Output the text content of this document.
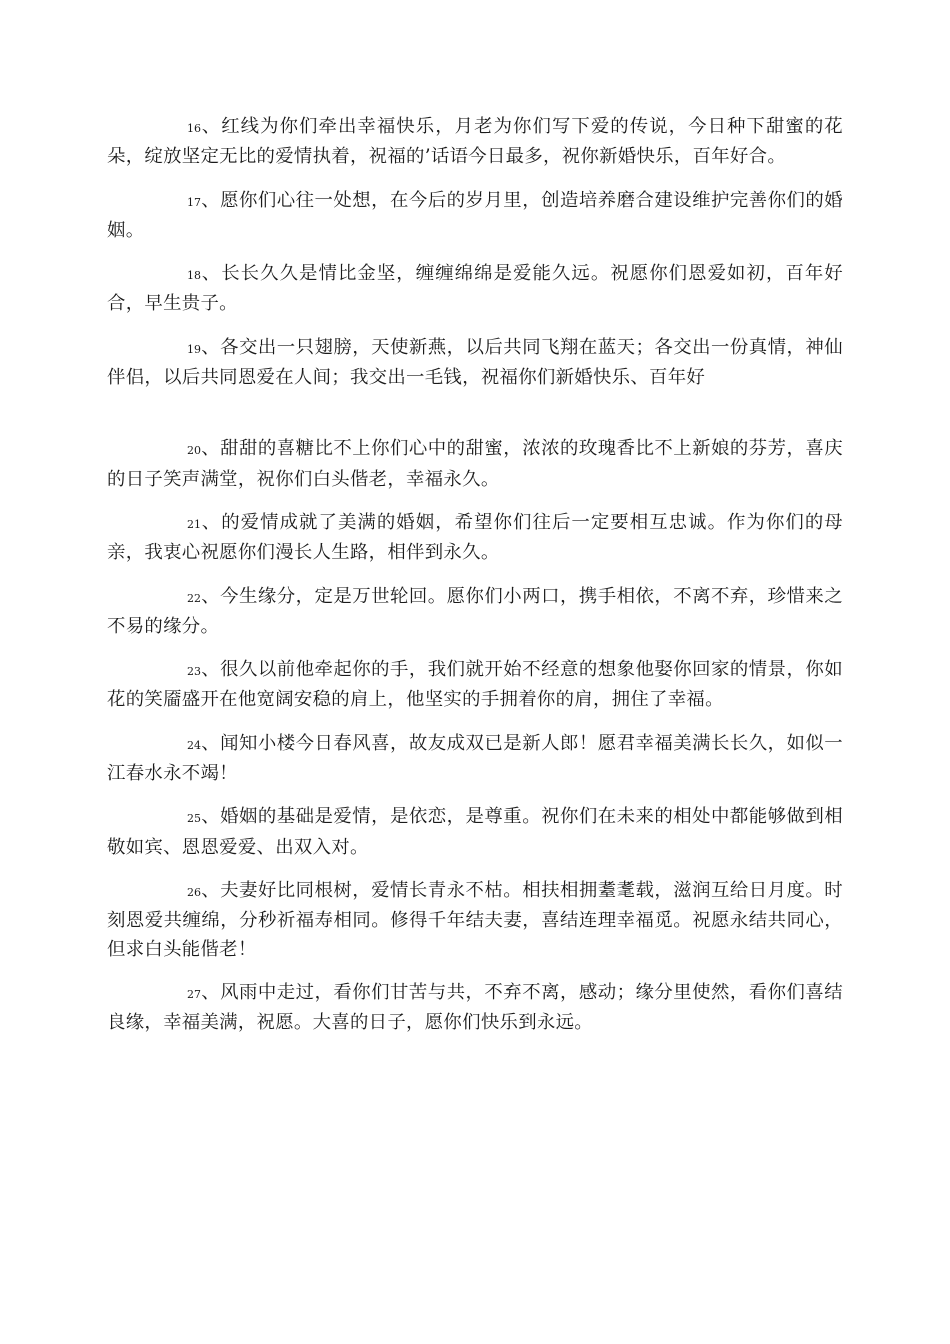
16、红线为你们牵出幸福快乐，月老为你们写下爱的传说，今日种下甜蜜的花朵，绽放坚定无比的爱情执着，祝福的’话语今日最多，祝你新婚快乐，百年好合。

17、愿你们心往一处想，在今后的岁月里，创造培养磨合建设维护完善你们的婚姻。

18、长长久久是情比金坚，缠缠绵绵是爱能久远。祝愿你们恩爱如初，百年好合，早生贵子。

19、各交出一只翅膀，天使新燕，以后共同飞翔在蓝天；各交出一份真情，神仙伴侣，以后共同恩爱在人间；我交出一毛钱，祝福你们新婚快乐、百年好

20、甜甜的喜糖比不上你们心中的甜蜜，浓浓的玫瑰香比不上新娘的芬芳，喜庆的日子笑声满堂，祝你们白头偕老，幸福永久。

21、的爱情成就了美满的婚姻，希望你们往后一定要相互忠诚。作为你们的母亲，我衷心祝愿你们漫长人生路，相伴到永久。

22、今生缘分，定是万世轮回。愿你们小两口，携手相依，不离不弃，珍惜来之不易的缘分。

23、很久以前他牵起你的手，我们就开始不经意的想象他娶你回家的情景，你如花的笑靥盛开在他宽阔安稳的肩上，他坚实的手拥着你的肩，拥住了幸福。

24、闻知小楼今日春风喜，故友成双已是新人郎！愿君幸福美满长长久，如似一江春水永不竭！

25、婚姻的基础是爱情，是依恋，是尊重。祝你们在未来的相处中都能够做到相敬如宾、恩恩爱爱、出双入对。

26、夫妻好比同根树，爱情长青永不枯。相扶相拥耋耄载，滋润互给日月度。时刻恩爱共缠绵，分秒祈福寿相同。修得千年结夫妻，喜结连理幸福觅。祝愿永结共同心，但求白头能偕老！

27、风雨中走过，看你们甘苦与共，不弃不离，感动；缘分里使然，看你们喜结良缘，幸福美满，祝愿。大喜的日子，愿你们快乐到永远。
